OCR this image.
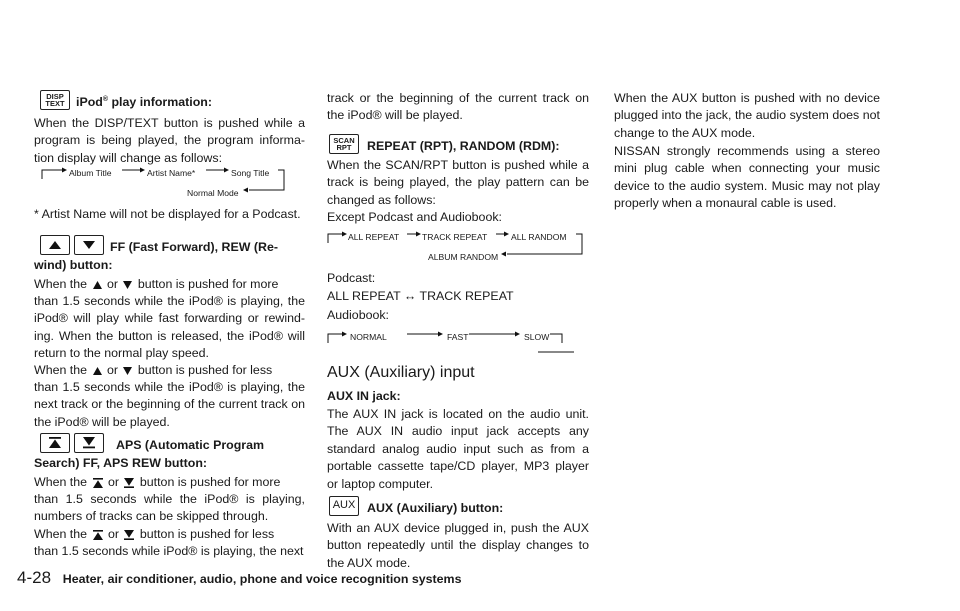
DISP
TEXT iPod® play information:

When the DISP/TEXT button is pushed while a program is being played, the program informa-tion display will change as follows:

Album Title	Artist Name*	Song Title
Normal Mode

* Artist Name will not be displayed for a Podcast.

FF (Fast Forward), REW (Re-
wind) button:

When the or button is pushed for more

than 1.5 seconds while the iPod® is playing, the iPod® will play while fast forwarding or rewind-ing. When the button is released, the iPod® will return to the normal play speed.

When the or button is pushed for less

than 1.5 seconds while the iPod® is playing, the next track or the beginning of the current track on the iPod® will be played.

APS (Automatic Program
Search) FF, APS REW button:

When the or button is pushed for more

than 1.5 seconds while the iPod® is playing, numbers of tracks can be skipped through.

When the or button is pushed for less

than 1.5 seconds while iPod® is playing, the next

track or the beginning of the current track on the iPod® will be played.

SCAN
RPT REPEAT (RPT), RANDOM (RDM):

When the SCAN/RPT button is pushed while a track is being played, the play pattern can be changed as follows:

Except Podcast and Audiobook:

ALL REPEAT	TRACK REPEAT	ALL RANDOM
ALBUM RANDOM

Podcast:

ALL REPEAT ↔ TRACK REPEAT

Audiobook:

NORMAL	FAST	SLOW
AUX (Auxiliary) input
AUX IN jack:

The AUX IN jack is located on the audio unit. The AUX IN audio input jack accepts any standard analog audio input such as from a portable cassette tape/CD player, MP3 player or laptop computer.

AUX AUX (Auxiliary) button:

With an AUX device plugged in, push the AUX button repeatedly until the display changes to the AUX mode.

When the AUX button is pushed with no device plugged into the jack, the audio system does not change to the AUX mode.

NISSAN strongly recommends using a stereo mini plug cable when connecting your music device to the audio system. Music may not play properly when a monaural cable is used.

4-28 Heater, air conditioner, audio, phone and voice recognition systems
